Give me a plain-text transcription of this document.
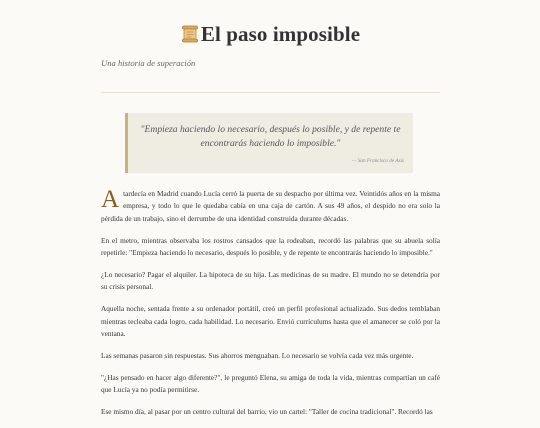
El paso imposible
Una historia de superación
"Empieza haciendo lo necesario, después lo posible, y de repente te encontrarás haciendo lo imposible."
— San Francisco de Asís

Atardecía en Madrid cuando Lucía cerró la puerta de su despacho por última vez. Veintidós años en la misma empresa, y todo lo que le quedaba cabía en una caja de cartón. A sus 49 años, el despido no era solo la pérdida de un trabajo, sino el derrumbe de una identidad construida durante décadas.

En el metro, mientras observaba los rostros cansados que la rodeaban, recordó las palabras que su abuela solía repetirle: "Empieza haciendo lo necesario, después lo posible, y de repente te encontrarás haciendo lo imposible."

¿Lo necesario? Pagar el alquiler. La hipoteca de su hija. Las medicinas de su madre. El mundo no se detendría por su crisis personal.

Aquella noche, sentada frente a su ordenador portátil, creó un perfil profesional actualizado. Sus dedos temblaban mientras tecleaba cada logro, cada habilidad. Lo necesario. Envió currículums hasta que el amanecer se coló por la ventana.

Las semanas pasaron sin respuestas. Sus ahorros menguaban. Lo necesario se volvía cada vez más urgente.

"¿Has pensado en hacer algo diferente?", le preguntó Elena, su amiga de toda la vida, mientras compartían un café que Lucía ya no podía permitirse.

Ese mismo día, al pasar por un centro cultural del barrio, vio un cartel: "Taller de cocina tradicional". Recordó las
